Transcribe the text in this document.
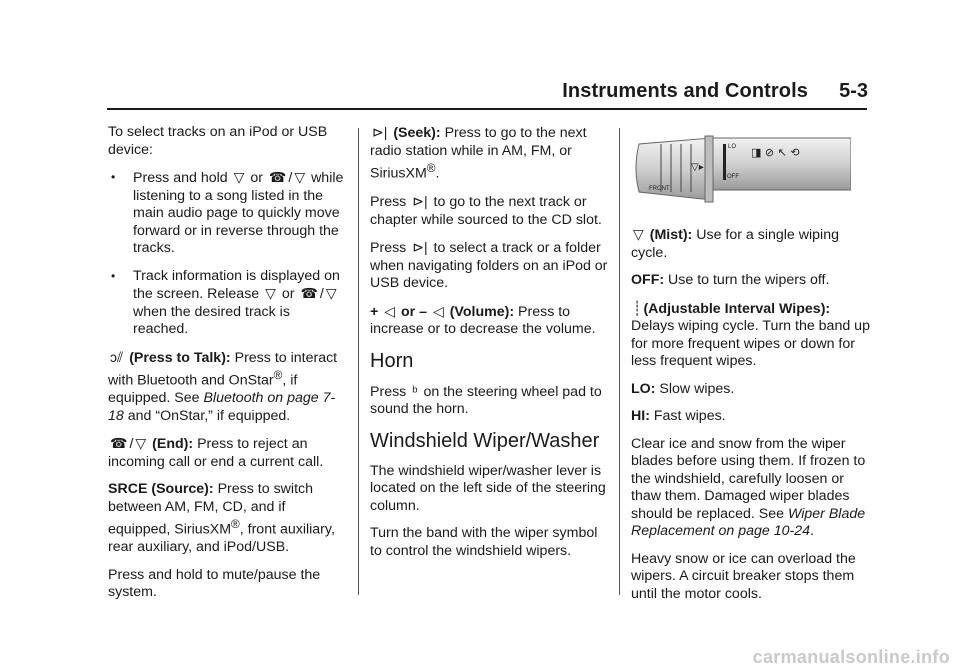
Instruments and Controls 5-3

To select tracks on an iPod or USB device:

• Press and hold ▽ or ☎ / ▽ while listening to a song listed in the main audio page to quickly move forward or in reverse through the tracks.
• Track information is displayed on the screen. Release ▽ or ☎ / ▽ when the desired track is reached.

ↄ⫽ (Press to Talk): Press to interact with Bluetooth and OnStar®, if equipped. See Bluetooth on page 7-18 and “OnStar,” if equipped.

☎ / ▽ (End): Press to reject an incoming call or end a current call.

SRCE (Source): Press to switch between AM, FM, CD, and if equipped, SiriusXM®, front auxiliary, rear auxiliary, and iPod/USB.

Press and hold to mute/pause the system.

⊳| (Seek): Press to go to the next radio station while in AM, FM, or SiriusXM®.

Press ⊳| to go to the next track or chapter while sourced to the CD slot.

Press ⊳| to select a track or a folder when navigating folders on an iPod or USB device.

+ ◁ or – ◁ (Volume): Press to increase or to decrease the volume.

Horn

Press ᵇ on the steering wheel pad to sound the horn.

Windshield Wiper/Washer

The windshield wiper/washer lever is located on the left side of the steering column.

Turn the band with the wiper symbol to control the windshield wipers.

LO
OFF
FRONT
◨ ⊘ ↖ ⟲
▽▸

▽ (Mist): Use for a single wiping cycle.

OFF: Use to turn the wipers off.

┊ (Adjustable Interval Wipes): Delays wiping cycle. Turn the band up for more frequent wipes or down for less frequent wipes.

LO: Slow wipes.

HI: Fast wipes.

Clear ice and snow from the wiper blades before using them. If frozen to the windshield, carefully loosen or thaw them. Damaged wiper blades should be replaced. See Wiper Blade Replacement on page 10-24.

Heavy snow or ice can overload the wipers. A circuit breaker stops them until the motor cools.

carmanualsonline.info
